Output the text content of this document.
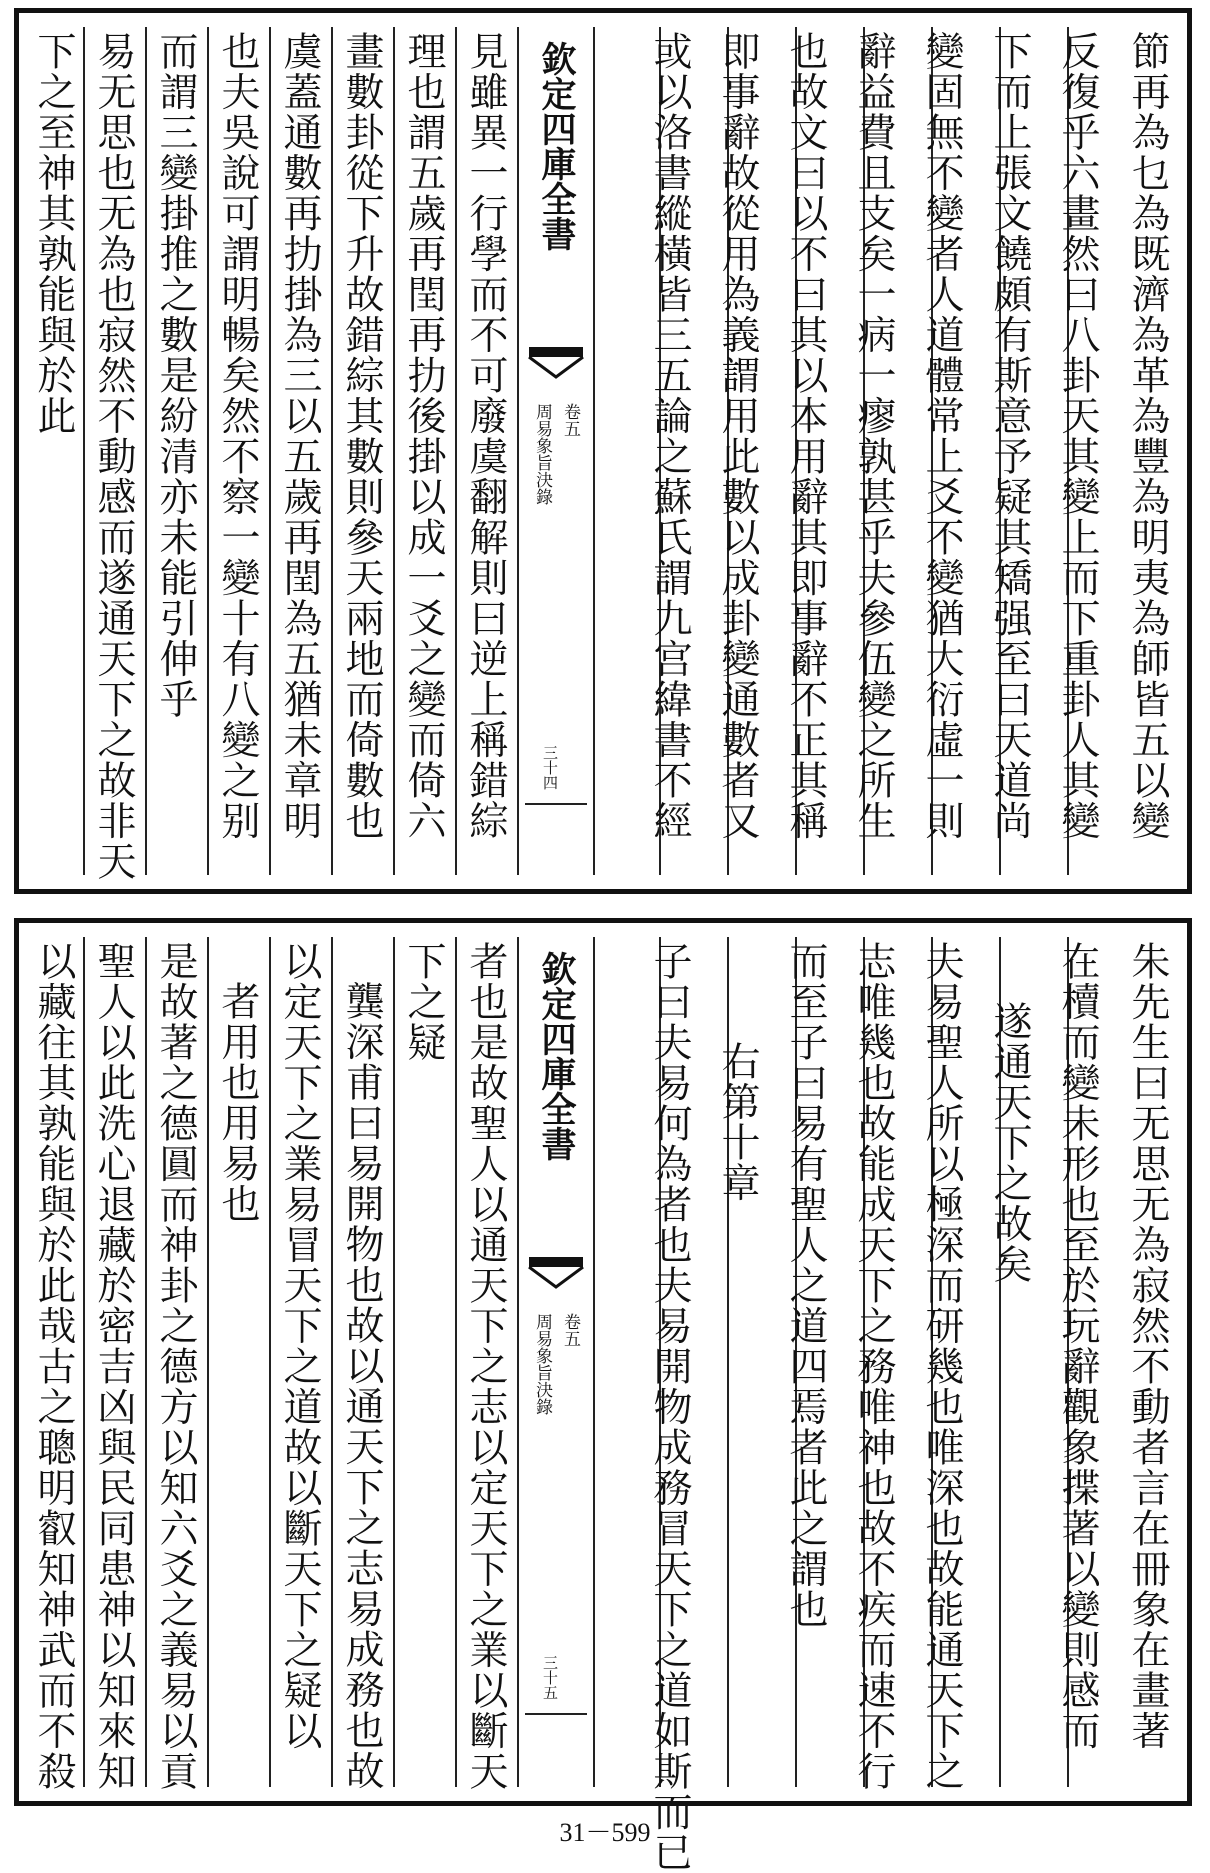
節再為乜為既濟為革為豐為明夷為師皆五以變
反復乎六畫然曰八卦天其變上而下重卦人其變
下而上張文饒頗有斯意予疑其矯强至曰天道尚
變固無不變者人道體常上爻不變猶大衍虛一則
辭益費且支矣一病一瘳孰甚乎夫參伍變之所生
也故文曰以不曰其以本用辭其即事辭不正其稱
即事辭故從用為義謂用此數以成卦變通數者又
或以洛書縱橫皆三五論之蘇氏謂九宫緯書不經
欽定四庫全書
周易象旨決錄 卷五
三十四
見雖異一行學而不可廢虞翻解則曰逆上稱錯綜
理也謂五歲再閏再扐後掛以成一爻之變而倚六
畫數卦從下升故錯綜其數則參天兩地而倚數也
虞蓋通數再扐掛為三以五歲再閏為五猶未章明
也夫吳說可謂明暢矣然不察一變十有八變之别
而謂三變掛推之數是紛清亦未能引伸乎
易无思也无為也寂然不動感而遂通天下之故非天
下之至神其孰能與於此
朱先生曰无思无為寂然不動者言在冊象在畫著
在櫝而變未形也至於玩辭觀象揲著以變則感而
遂通天下之故矣
夫易聖人所以極深而研幾也唯深也故能通天下之
志唯幾也故能成天下之務唯神也故不疾而速不行
而至子曰易有聖人之道四焉者此之謂也
右第十章
子曰夫易何為者也夫易開物成務冒天下之道如斯而已
欽定四庫全書
周易象旨決錄 卷五
三十五
者也是故聖人以通天下之志以定天下之業以斷天
下之疑
龔深甫曰易開物也故以通天下之志易成務也故
以定天下之業易冒天下之道故以斷天下之疑以
者用也用易也
是故著之德圓而神卦之德方以知六爻之義易以貢
聖人以此洗心退藏於密吉凶與民同患神以知來知
以藏往其孰能與於此哉古之聰明叡知神武而不殺
31－599
